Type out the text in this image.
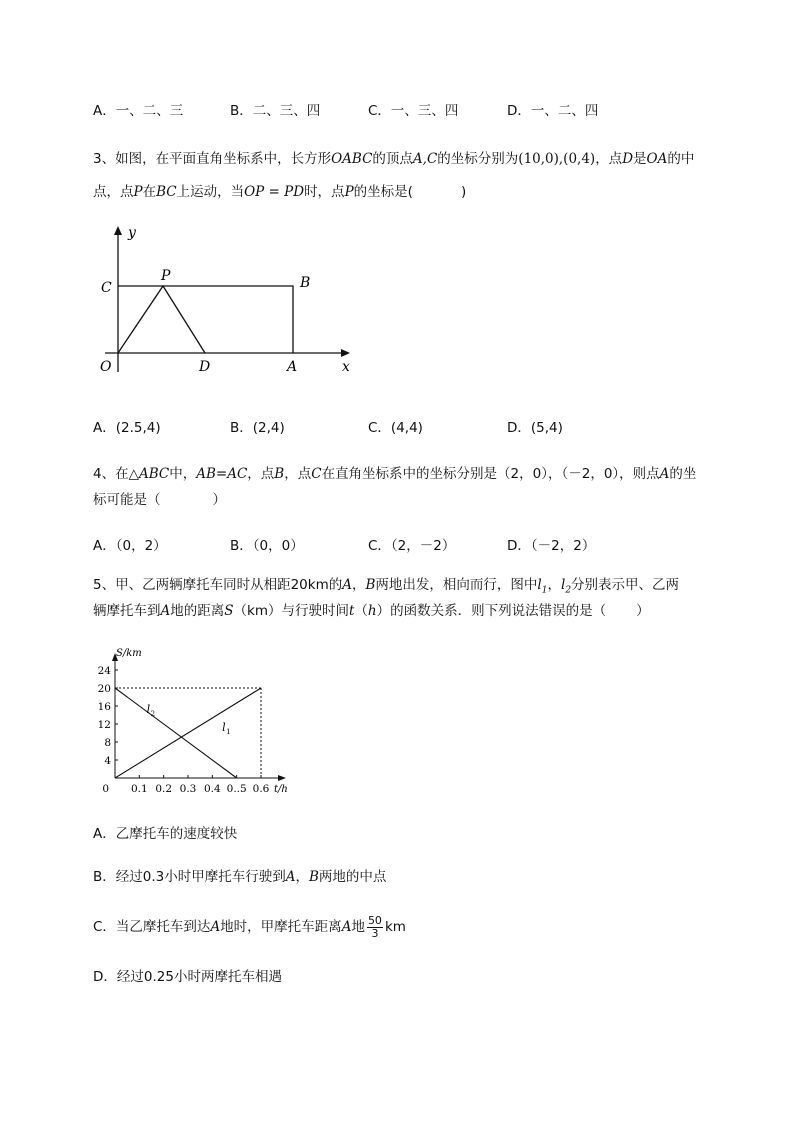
A．一、二、三	B．二、三、四	C．一、三、四	D．一、二、四
3、如图，在平面直角坐标系中，长方形OABC的顶点A,C的坐标分别为(10,0),(0,4)，点D是OA的中
点，点P在BC上运动，当OP = PD时，点P的坐标是(	)
y
C
P	B
O	D	A	x
A．(2.5,4)	B．(2,4)	C．(4,4)	D．(5,4)
4、在△ABC中，AB=AC，点B，点C在直角坐标系中的坐标分别是（2，0），（－2，0），则点A的坐
标可能是（	）
A．（0，2）	B．（0，0）	C．（2，－2）	D．（－2，2）
5、甲、乙两辆摩托车同时从相距20km的A，B两地出发，相向而行，图中$l_1$，$l_2$分别表示甲、乙两
辆摩托车到A地的距离S（km）与行驶时间t（h）的函数关系．则下列说法错误的是（ ）
S/km
t/h
4
8
12
16
20
24
0 0.1 0.2 0.3 0.4 0..5 0.6
l 1
l 2
A．乙摩托车的速度较快
B．经过0.3小时甲摩托车行驶到A，B两地的中点
C．当乙摩托车到达A地时，甲摩托车距离A地 $\frac{50}{3}$ km
D．经过0.25小时两摩托车相遇
